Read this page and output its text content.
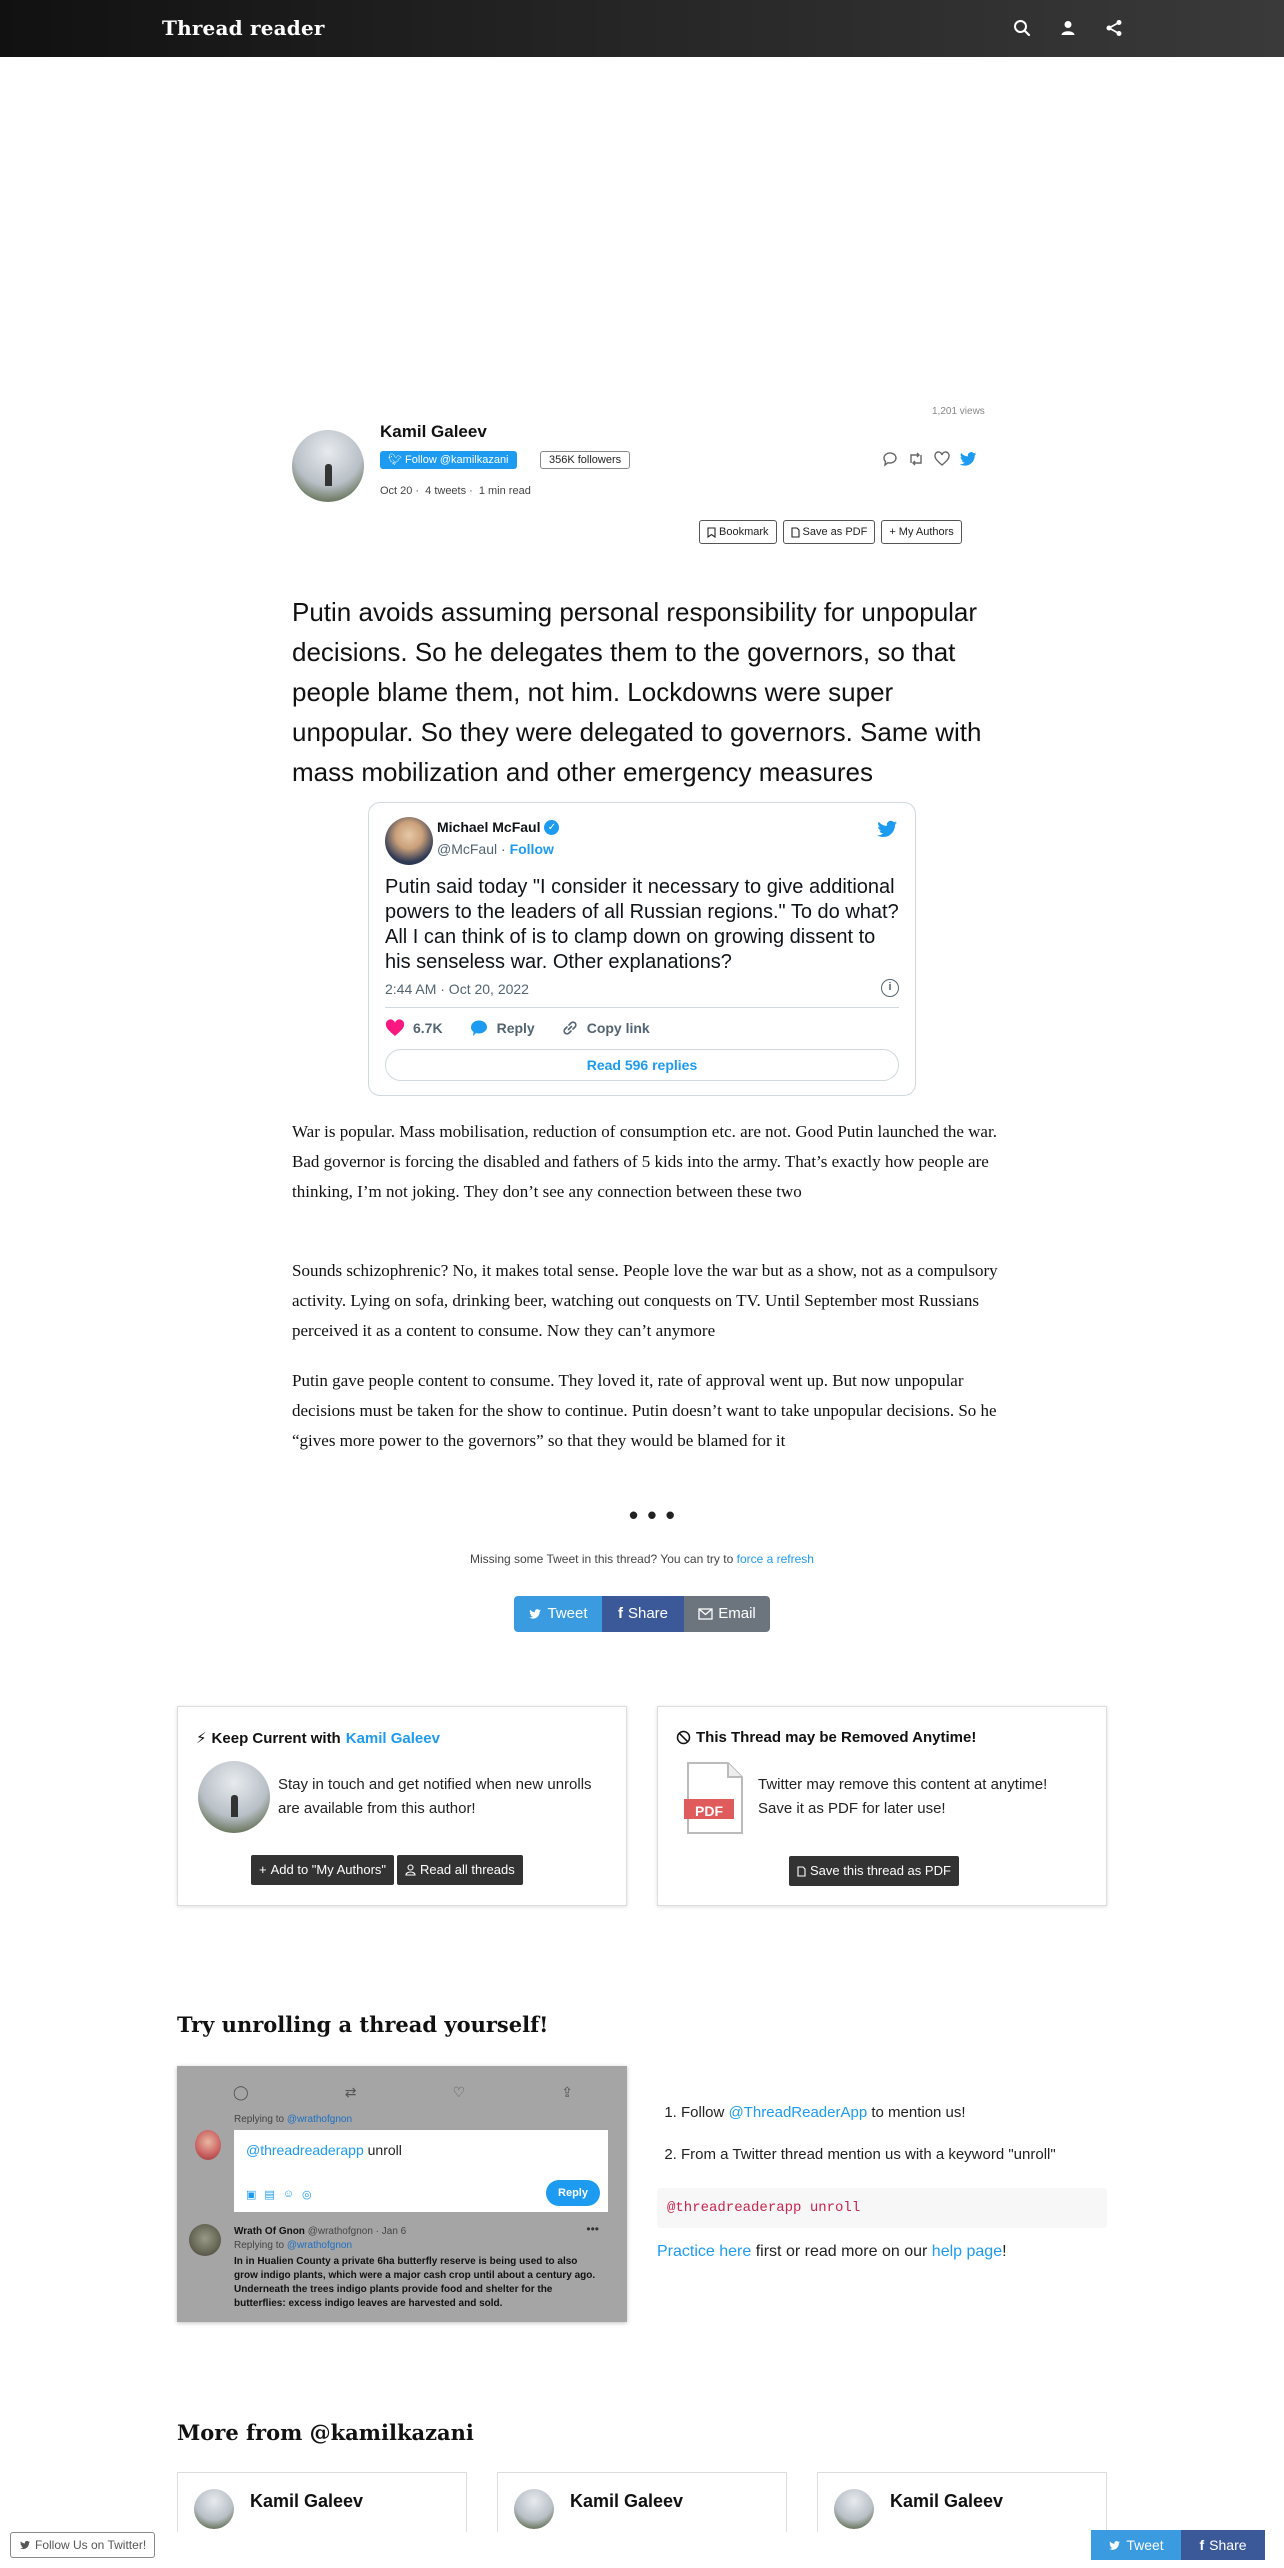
Thread reader
1,201 views
Kamil Galeev
🐦︎ Follow @kamilkazani	356K followers
Oct 20 · 4 tweets · 1 min read
Bookmark	Save as PDF + My Authors
Putin avoids assuming personal responsibility for unpopular decisions. So he delegates them to the governors, so that people blame them, not him. Lockdowns were super unpopular. So they were delegated to governors. Same with mass mobilization and other emergency measures
Michael McFaul ✓
@McFaul · Follow
Putin said today "I consider it necessary to give additional powers to the leaders of all Russian regions." To do what? All I can think of is to clamp down on growing dissent to his senseless war. Other explanations?
2:44 AM · Oct 20, 2022	i
6.7K	Reply	Copy link
Read 596 replies
War is popular. Mass mobilisation, reduction of consumption etc. are not. Good Putin launched the war. Bad governor is forcing the disabled and fathers of 5 kids into the army. That’s exactly how people are thinking, I’m not joking. They don’t see any connection between these two
Sounds schizophrenic? No, it makes total sense. People love the war but as a show, not as a compulsory activity. Lying on sofa, drinking beer, watching out conquests on TV. Until September most Russians perceived it as a content to consume. Now they can’t anymore
Putin gave people content to consume. They loved it, rate of approval went up. But now unpopular decisions must be taken for the show to continue. Putin doesn’t want to take unpopular decisions. So he “gives more power to the governors” so that they would be blamed for it
• • •
Missing some Tweet in this thread? You can try to force a refresh
Tweet f Share	Email
⚡︎ Keep Current with Kamil Galeev
Stay in touch and get notified when new unrolls are available from this author!
+ Add to "My Authors"	Read all threads
This Thread may be Removed Anytime!
PDF
Twitter may remove this content at anytime! Save it as PDF for later use!
Save this thread as PDF
Try unrolling a thread yourself!
◯	⇄	♡	⇪
Replying to @wrathofgnon
@threadreaderapp unroll
▣ ▤ ☺ ◎	Reply
Wrath Of Gnon @wrathofgnon · Jan 6	•••
Replying to @wrathofgnon
In in Hualien County a private 6ha butterfly reserve is being used to also grow indigo plants, which were a major cash crop until about a century ago. Underneath the trees indigo plants provide food and shelter for the butterflies: excess indigo leaves are harvested and sold.
1. Follow @ThreadReaderApp to mention us!
2. From a Twitter thread mention us with a keyword "unroll"
@threadreaderapp unroll
Practice here first or read more on our help page!
More from @kamilkazani
Kamil Galeev	Kamil Galeev	Kamil Galeev
Follow Us on Twitter!	Tweet	f Share
